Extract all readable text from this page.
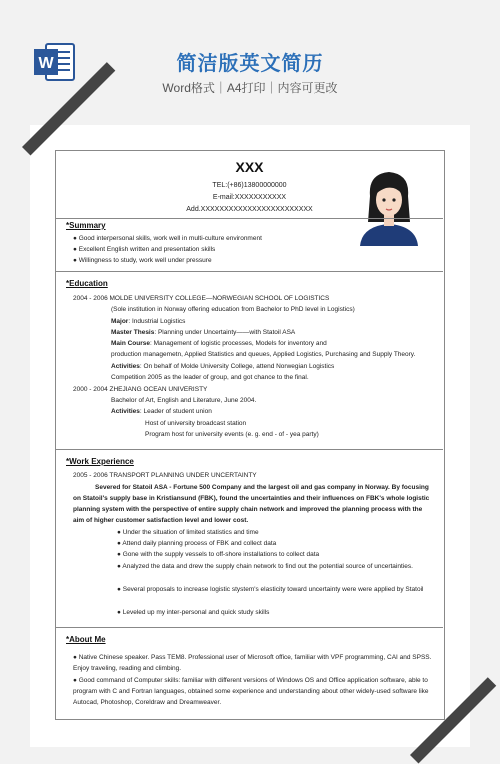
W	简洁版英文简历
Word格式｜A4打印｜内容可更改
XXX
TEL:(+86)13800000000
E-mail:XXXXXXXXXXX
Add.XXXXXXXXXXXXXXXXXXXXXXXX
*Summary
● Good interpersonal skills, work well in multi-culture environment
● Excellent English written and presentation skills
● Willingness to study, work well under pressure
*Education
2004 - 2006 MOLDE UNIVERSITY COLLEGE—NORWEGIAN SCHOOL OF LOGISTICS
(Sole institution in Norway offering education from Bachelor to PhD level in Logistics)
Major: Industrial Logistics
Master Thesis: Planning under Uncertainty——with Statoil ASA
Main Course: Management of logistic processes, Models for inventory and
production managemetn, Applied Statistics and queues, Applied Logistics, Purchasing and Supply Theory.
Activities: On behalf of Molde University College, attend Norwegian Logistics
Competition 2005 as the leader of group, and got chance to the final.
2000 - 2004 ZHEJIANG OCEAN UNIVERISTY
Bachelor of Art, English and Literature, June 2004.
Activities: Leader of student union
Host of university broadcast station
Program host for university events (e. g. end - of - yea party)
*Work Experience
2005 - 2006 TRANSPORT PLANNING UNDER UNCERTAINTY
Severed for Statoil ASA - Fortune 500 Company and the largest oil and gas company in Norway. By focusing on Statoil's supply base in Kristiansund (FBK), found the uncertainties and their influences on FBK's whole logistic planning system with the perspective of entire supply chain network and improved the planning process with the aim of higher customer satisfaction level and lower cost.
● Under the situation of limited statistics and time
● Attend daily planning process of FBK and collect data
● Gone with the supply vessels to off-shore installations to collect data
● Analyzed the data and drew the supply chain network to find out the potential source of uncertainties.
● Several proposals to increase logistic stystem's elasticity toward uncertainty were were applied by Statoil
● Leveled up my inter-personal and quick study skills
*About Me
● Native Chinese speaker. Pass TEM8. Professional user of Microsoft office, familiar with VPF programming, CAI and SPSS. Enjoy traveling, reading and climbing.
● Good command of Computer skills: familiar with different versions of Windows OS and Office application software, able to program with C and Fortran languages, obtained some experience and understanding about other widely-used software like Autocad, Photoshop, Coreldraw and Dreamweaver.
